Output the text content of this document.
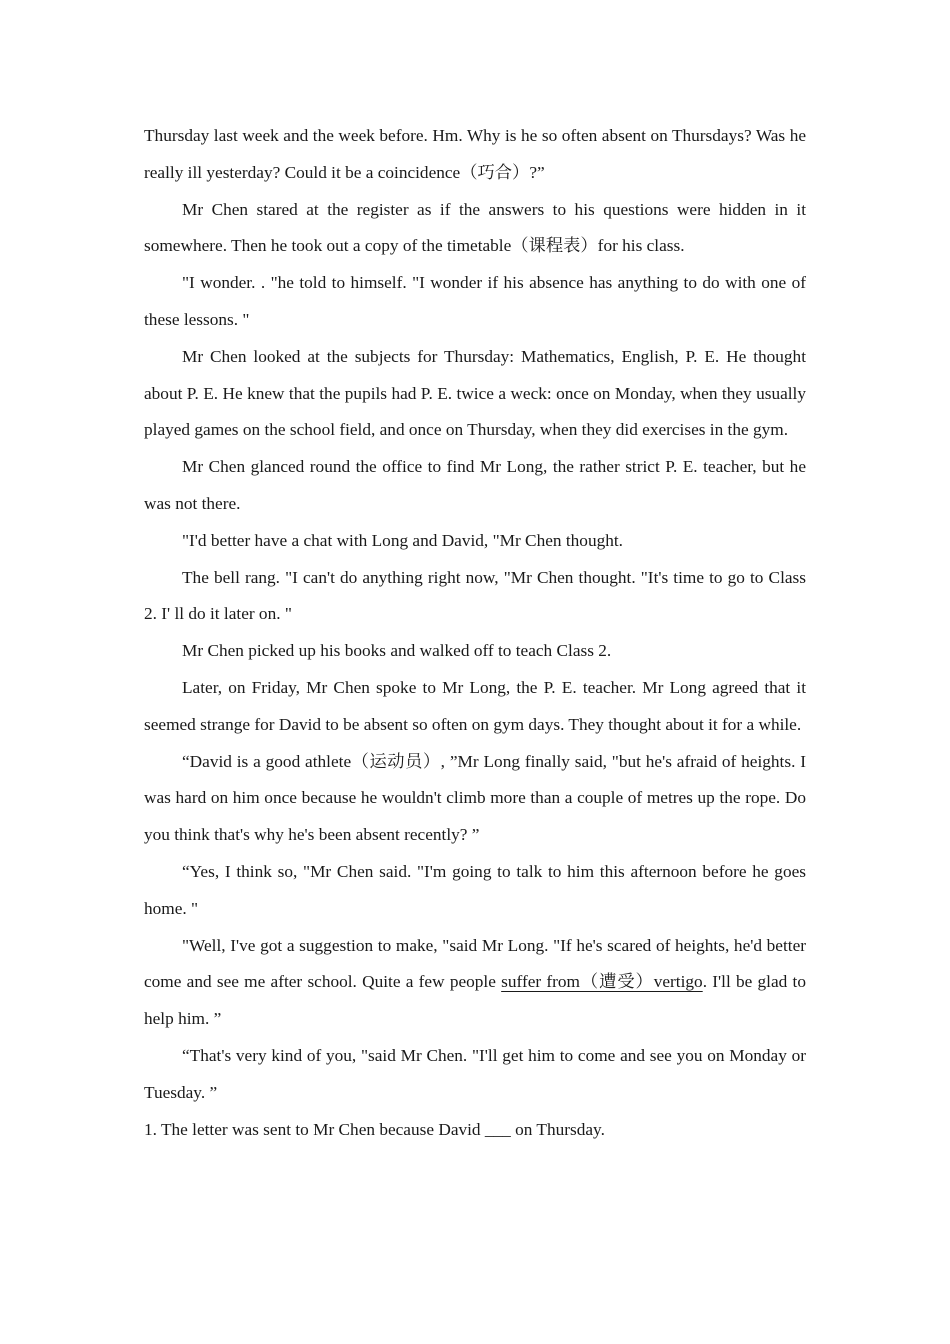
Thursday last week and the week before. Hm. Why is he so often absent on Thursdays? Was he really ill yesterday? Could it be a coincidence（巧合）?”

Mr Chen stared at the register as if the answers to his questions were hidden in it somewhere. Then he took out a copy of the timetable（课程表）for his class.

"I wonder. . "he told to himself. "I wonder if his absence has anything to do with one of these lessons. "

Mr Chen looked at the subjects for Thursday: Mathematics, English, P. E. He thought about P. E. He knew that the pupils had P. E. twice a weck: once on Monday, when they usually played games on the school field, and once on Thursday, when they did exercises in the gym.

Mr Chen glanced round the office to find Mr Long, the rather strict P. E. teacher, but he was not there.

"I'd better have a chat with Long and David, "Mr Chen thought.

The bell rang. "I can't do anything right now, "Mr Chen thought. "It's time to go to Class 2. I' ll do it later on. "

Mr Chen picked up his books and walked off to teach Class 2.

Later, on Friday, Mr Chen spoke to Mr Long, the P. E. teacher. Mr Long agreed that it seemed strange for David to be absent so often on gym days. They thought about it for a while.

“David is a good athlete（运动员）, ”Mr Long finally said, "but he's afraid of heights. I was hard on him once because he wouldn't climb more than a couple of metres up the rope. Do you think that's why he's been absent recently? ”

“Yes, I think so, "Mr Chen said. "I'm going to talk to him this afternoon before he goes home. "

"Well, I've got a suggestion to make, "said Mr Long. "If he's scared of heights, he'd better come and see me after school. Quite a few people suffer from（遭受）vertigo. I'll be glad to help him. ”

“That's very kind of you, "said Mr Chen. "I'll get him to come and see you on Monday or Tuesday. ”

1. The letter was sent to Mr Chen because David ___ on Thursday.
